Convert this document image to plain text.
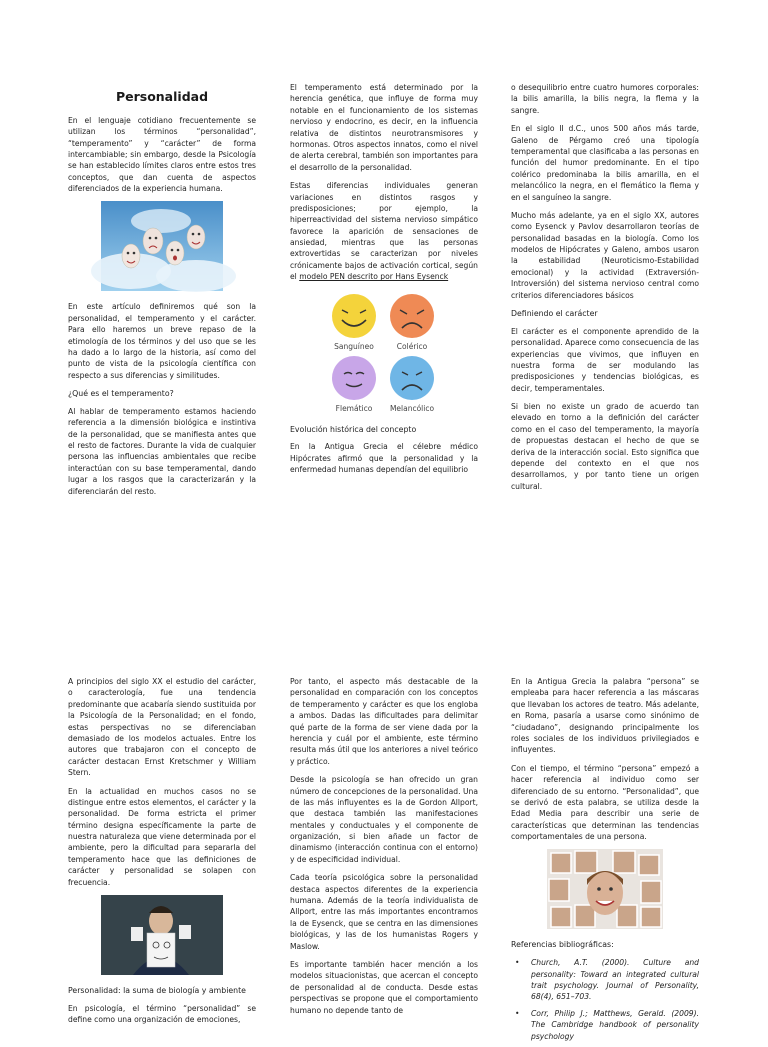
Personalidad

En el lenguaje cotidiano frecuentemente se utilizan los términos “personalidad”, “temperamento” y “carácter” de forma intercambiable; sin embargo, desde la Psicología se han establecido límites claros entre estos tres conceptos, que dan cuenta de aspectos diferenciados de la experiencia humana.

En este artículo definiremos qué son la personalidad, el temperamento y el carácter. Para ello haremos un breve repaso de la etimología de los términos y del uso que se les ha dado a lo largo de la historia, así como del punto de vista de la psicología científica con respecto a sus diferencias y similitudes.

¿Qué es el temperamento?

Al hablar de temperamento estamos haciendo referencia a la dimensión biológica e instintiva de la personalidad, que se manifiesta antes que el resto de factores. Durante la vida de cualquier persona las influencias ambientales que recibe interactúan con su base temperamental, dando lugar a los rasgos que la caracterizarán y la diferenciarán del resto.

El temperamento está determinado por la herencia genética, que influye de forma muy notable en el funcionamiento de los sistemas nervioso y endocrino, es decir, en la influencia relativa de distintos neurotransmisores y hormonas. Otros aspectos innatos, como el nivel de alerta cerebral, también son importantes para el desarrollo de la personalidad.

Estas diferencias individuales generan variaciones en distintos rasgos y predisposiciones; por ejemplo, la hiperreactividad del sistema nervioso simpático favorece la aparición de sensaciones de ansiedad, mientras que las personas extrovertidas se caracterizan por niveles crónicamente bajos de activación cortical, según el modelo PEN descrito por Hans Eysenck

Sanguíneo	Colérico
Flemático Melancólico
Evolución histórica del concepto

En la Antigua Grecia el célebre médico Hipócrates afirmó que la personalidad y la enfermedad humanas dependían del equilibrio

o desequilibrio entre cuatro humores corporales: la bilis amarilla, la bilis negra, la flema y la sangre.

En el siglo II d.C., unos 500 años más tarde, Galeno de Pérgamo creó una tipología temperamental que clasificaba a las personas en función del humor predominante. En el tipo colérico predominaba la bilis amarilla, en el melancólico la negra, en el flemático la flema y en el sanguíneo la sangre.

Mucho más adelante, ya en el siglo XX, autores como Eysenck y Pavlov desarrollaron teorías de personalidad basadas en la biología. Como los modelos de Hipócrates y Galeno, ambos usaron la estabilidad (Neuroticismo-Estabilidad emocional) y la actividad (Extraversión-Introversión) del sistema nervioso central como criterios diferenciadores básicos

Definiendo el carácter

El carácter es el componente aprendido de la personalidad. Aparece como consecuencia de las experiencias que vivimos, que influyen en nuestra forma de ser modulando las predisposiciones y tendencias biológicas, es decir, temperamentales.

Si bien no existe un grado de acuerdo tan elevado en torno a la definición del carácter como en el caso del temperamento, la mayoría de propuestas destacan el hecho de que se deriva de la interacción social. Esto significa que depende del contexto en el que nos desarrollamos, y por tanto tiene un origen cultural.

A principios del siglo XX el estudio del carácter, o caracterología, fue una tendencia predominante que acabaría siendo sustituida por la Psicología de la Personalidad; en el fondo, estas perspectivas no se diferenciaban demasiado de los modelos actuales. Entre los autores que trabajaron con el concepto de carácter destacan Ernst Kretschmer y William Stern.

En la actualidad en muchos casos no se distingue entre estos elementos, el carácter y la personalidad. De forma estricta el primer término designa específicamente la parte de nuestra naturaleza que viene determinada por el ambiente, pero la dificultad para separarla del temperamento hace que las definiciones de carácter y personalidad se solapen con frecuencia.

Personalidad: la suma de biología y ambiente

En psicología, el término “personalidad” se define como una organización de emociones,

Por tanto, el aspecto más destacable de la personalidad en comparación con los conceptos de temperamento y carácter es que los engloba a ambos. Dadas las dificultades para delimitar qué parte de la forma de ser viene dada por la herencia y cuál por el ambiente, este término resulta más útil que los anteriores a nivel teórico y práctico.

Desde la psicología se han ofrecido un gran número de concepciones de la personalidad. Una de las más influyentes es la de Gordon Allport, que destaca también las manifestaciones mentales y conductuales y el componente de organización, si bien añade un factor de dinamismo (interacción continua con el entorno) y de especificidad individual.

Cada teoría psicológica sobre la personalidad destaca aspectos diferentes de la experiencia humana. Además de la teoría individualista de Allport, entre las más importantes encontramos la de Eysenck, que se centra en las dimensiones biológicas, y las de los humanistas Rogers y Maslow.

Es importante también hacer mención a los modelos situacionistas, que acercan el concepto de personalidad al de conducta. Desde estas perspectivas se propone que el comportamiento humano no depende tanto de

En la Antigua Grecia la palabra “persona” se empleaba para hacer referencia a las máscaras que llevaban los actores de teatro. Más adelante, en Roma, pasaría a usarse como sinónimo de “ciudadano”, designando principalmente los roles sociales de los individuos privilegiados e influyentes.

Con el tiempo, el término “persona” empezó a hacer referencia al individuo como ser diferenciado de su entorno. “Personalidad”, que se derivó de esta palabra, se utiliza desde la Edad Media para describir una serie de características que determinan las tendencias comportamentales de una persona.

Referencias bibliográficas:
• Church, A.T. (2000). Culture and personality: Toward an integrated cultural trait psychology. Journal of Personality, 68(4), 651–703.
• Corr, Philip J.; Matthews, Gerald. (2009). The Cambridge handbook of personality psychology
